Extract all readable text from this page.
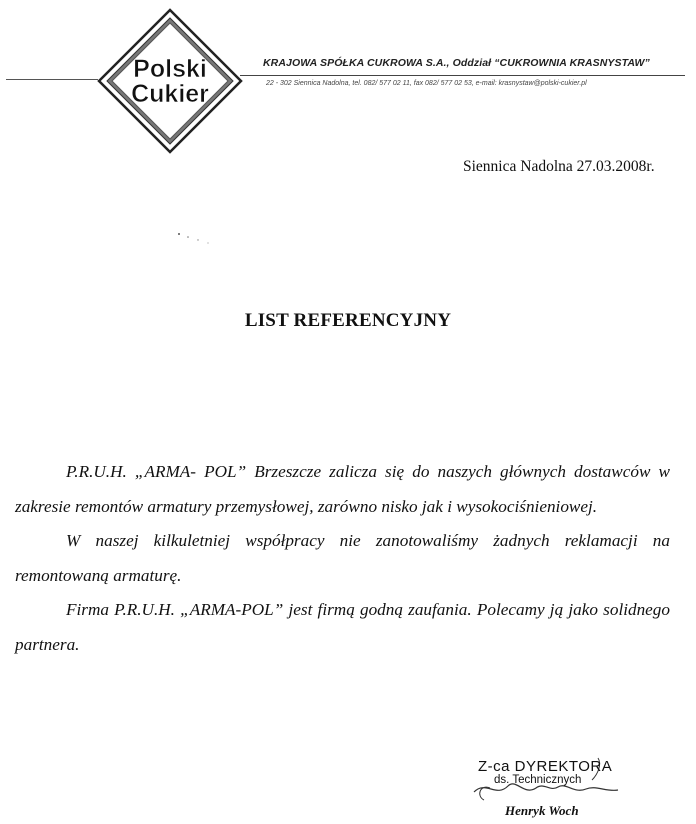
Polski
Cukier
KRAJOWA SPÓŁKA CUKROWA S.A., Oddział “CUKROWNIA KRASNYSTAW”
22 - 302 Siennica Nadolna, tel. 082/ 577 02 11, fax 082/ 577 02 53, e-mail: krasnystaw@polski-cukier.pl
Siennica Nadolna 27.03.2008r.
LIST REFERENCYJNY

P.R.U.H. „ARMA- POL” Brzeszcze zalicza się do naszych głównych dostawców w zakresie remontów armatury przemysłowej, zarówno nisko jak i wysokociśnieniowej.

W naszej kilkuletniej współpracy nie zanotowaliśmy żadnych reklamacji na remontowaną armaturę.

Firma P.R.U.H. „ARMA-POL” jest firmą godną zaufania. Polecamy ją jako solidnego partnera.

Z-ca DYREKTORA
ds. Technicznych
Henryk Woch
